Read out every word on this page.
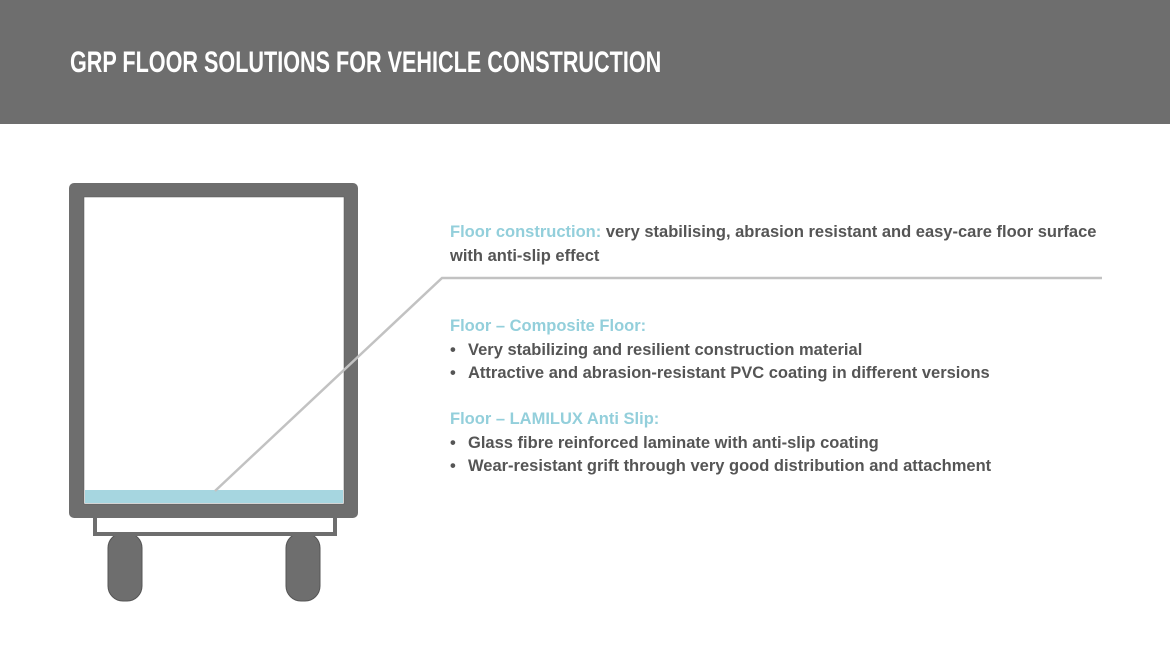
GRP FLOOR SOLUTIONS FOR VEHICLE CONSTRUCTION
Floor construction: very stabilising, abrasion resistant and easy-care floor surface with anti-slip effect
Floor – Composite Floor:
• Very stabilizing and resilient construction material
• Attractive and abrasion-resistant PVC coating in different versions
Floor – LAMILUX Anti Slip:
• Glass fibre reinforced laminate with anti-slip coating
• Wear-resistant grift through very good distribution and attachment
